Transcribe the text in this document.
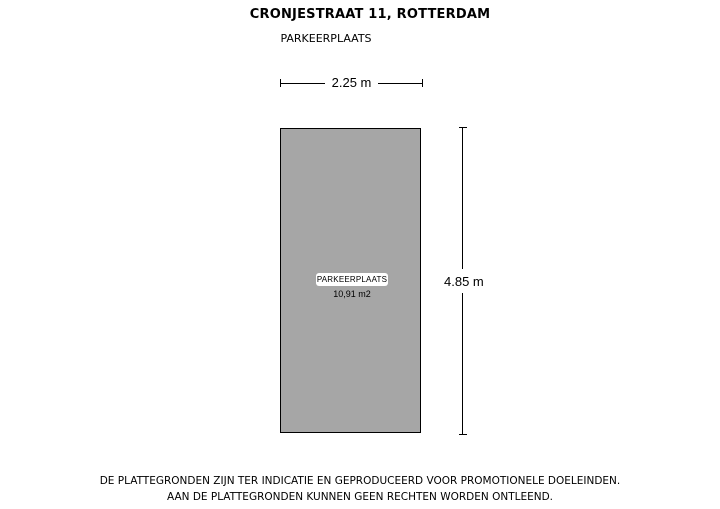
CRONJESTRAAT 11, ROTTERDAM
PARKEERPLAATS
2.25 m
PARKEERPLAATS
10,91 m2
4.85 m
DE PLATTEGRONDEN ZIJN TER INDICATIE EN GEPRODUCEERD VOOR PROMOTIONELE DOELEINDEN.
AAN DE PLATTEGRONDEN KUNNEN GEEN RECHTEN WORDEN ONTLEEND.
